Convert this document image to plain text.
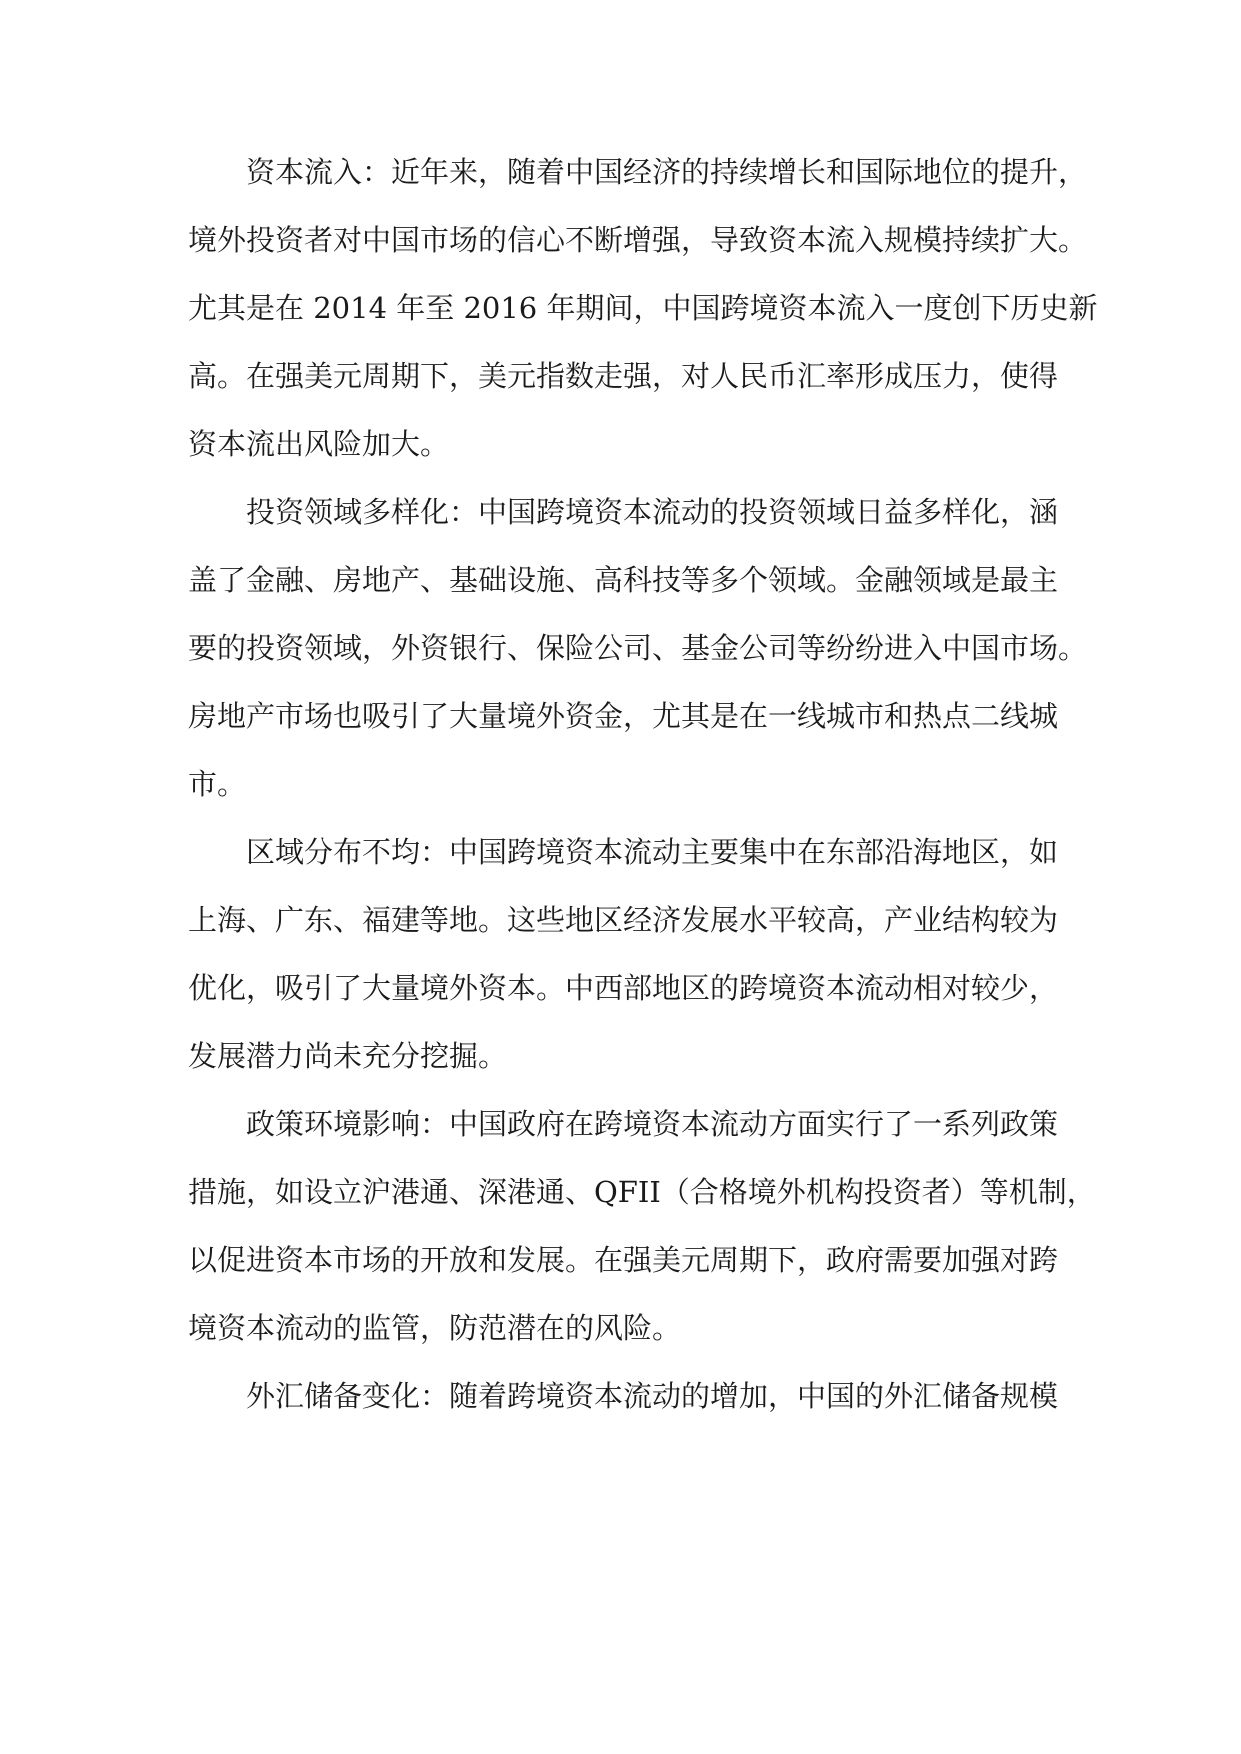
资本流入：近年来，随着中国经济的持续增长和国际地位的提升，
境外投资者对中国市场的信心不断增强，导致资本流入规模持续扩大。
尤其是在 2014 年至 2016 年期间，中国跨境资本流入一度创下历史新
高。在强美元周期下，美元指数走强，对人民币汇率形成压力，使得
资本流出风险加大。
投资领域多样化：中国跨境资本流动的投资领域日益多样化，涵
盖了金融、房地产、基础设施、高科技等多个领域。金融领域是最主
要的投资领域，外资银行、保险公司、基金公司等纷纷进入中国市场。
房地产市场也吸引了大量境外资金，尤其是在一线城市和热点二线城
市。
区域分布不均：中国跨境资本流动主要集中在东部沿海地区，如
上海、广东、福建等地。这些地区经济发展水平较高，产业结构较为
优化，吸引了大量境外资本。中西部地区的跨境资本流动相对较少，
发展潜力尚未充分挖掘。
政策环境影响：中国政府在跨境资本流动方面实行了一系列政策
措施，如设立沪港通、深港通、QFII（合格境外机构投资者）等机制，
以促进资本市场的开放和发展。在强美元周期下，政府需要加强对跨
境资本流动的监管，防范潜在的风险。
外汇储备变化：随着跨境资本流动的增加，中国的外汇储备规模
